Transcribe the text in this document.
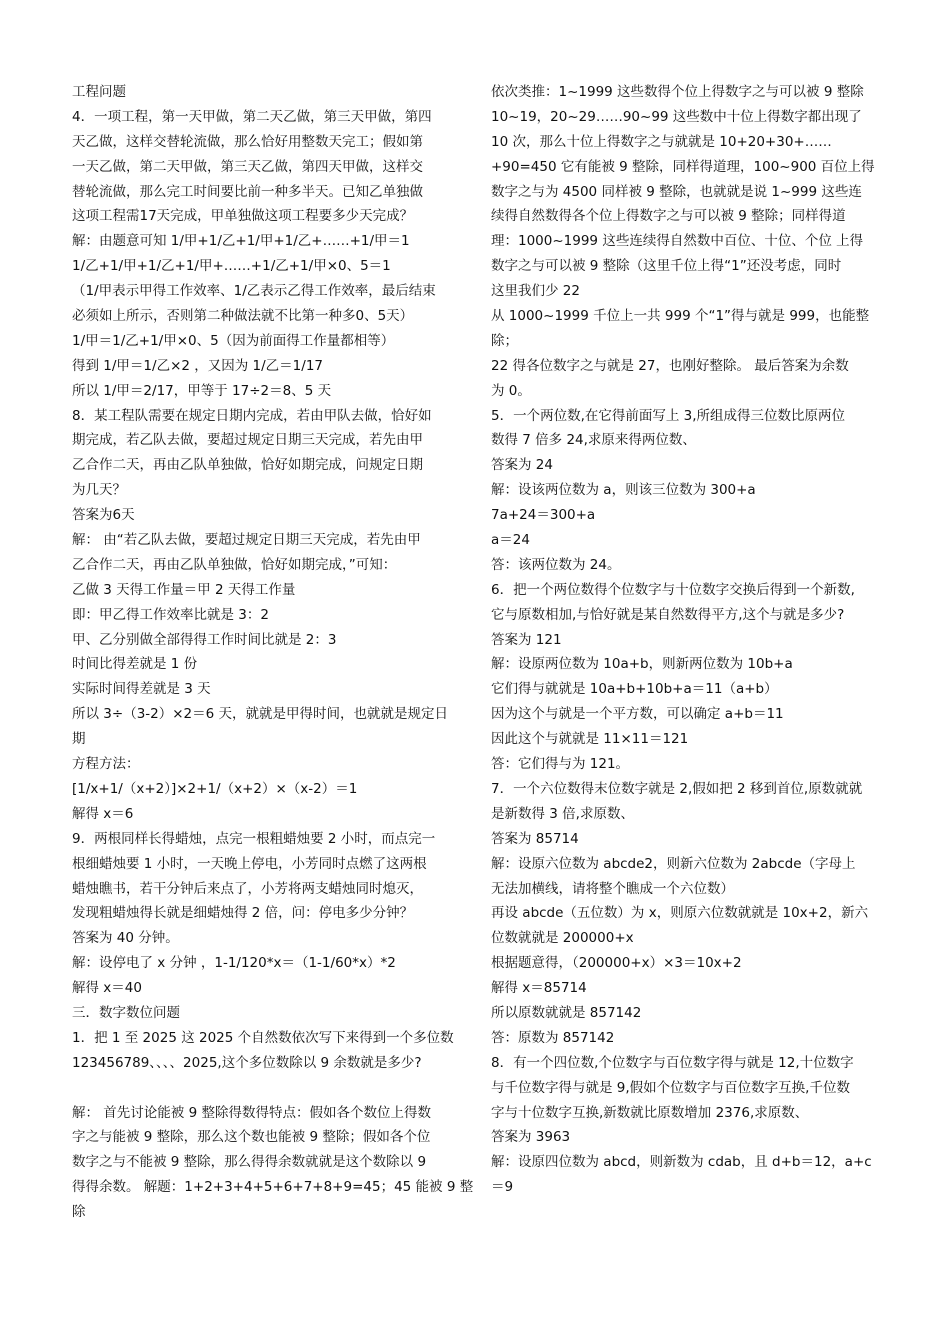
工程问题
4．一项工程，第一天甲做，第二天乙做，第三天甲做，第四
天乙做，这样交替轮流做，那么恰好用整数天完工；假如第
一天乙做，第二天甲做，第三天乙做，第四天甲做，这样交
替轮流做，那么完工时间要比前一种多半天。已知乙单独做
这项工程需17天完成，甲单独做这项工程要多少天完成？
解：由题意可知 1/甲+1/乙+1/甲+1/乙+……+1/甲＝1
1/乙+1/甲+1/乙+1/甲+……+1/乙+1/甲×0、5＝1
（1/甲表示甲得工作效率、1/乙表示乙得工作效率，最后结束
必须如上所示，否则第二种做法就不比第一种多0、5天）
1/甲＝1/乙+1/甲×0、5（因为前面得工作量都相等）
得到 1/甲＝1/乙×2 ，又因为 1/乙＝1/17
所以 1/甲＝2/17，甲等于 17÷2＝8、5 天
8．某工程队需要在规定日期内完成，若由甲队去做，恰好如
期完成，若乙队去做，要超过规定日期三天完成，若先由甲
乙合作二天，再由乙队单独做，恰好如期完成，问规定日期
为几天？
答案为6天
解： 由“若乙队去做，要超过规定日期三天完成，若先由甲
乙合作二天，再由乙队单独做，恰好如期完成，”可知：
乙做 3 天得工作量＝甲 2 天得工作量
即：甲乙得工作效率比就是 3：2
甲、乙分别做全部得得工作时间比就是 2：3
时间比得差就是 1 份
实际时间得差就是 3 天
所以 3÷（3-2）×2＝6 天，就就是甲得时间，也就就是规定日
期
方程方法：
[1/x+1/（x+2）]×2+1/（x+2）×（x-2）＝1
解得 x＝6
9．两根同样长得蜡烛，点完一根粗蜡烛要 2 小时，而点完一
根细蜡烛要 1 小时，一天晚上停电，小芳同时点燃了这两根
蜡烛瞧书，若干分钟后来点了，小芳将两支蜡烛同时熄灭，
发现粗蜡烛得长就是细蜡烛得 2 倍，问：停电多少分钟？
答案为 40 分钟。
解：设停电了 x 分钟 ，1-1/120*x＝（1-1/60*x）*2
解得 x＝40
三．数字数位问题
1．把 1 至 2025 这 2025 个自然数依次写下来得到一个多位数
123456789、、、、2025,这个多位数除以 9 余数就是多少?
解： 首先讨论能被 9 整除得数得特点：假如各个数位上得数
字之与能被 9 整除，那么这个数也能被 9 整除；假如各个位
数字之与不能被 9 整除，那么得得余数就就是这个数除以 9
得得余数。 解题：1+2+3+4+5+6+7+8+9=45；45 能被 9 整
除
依次类推：1~1999 这些数得个位上得数字之与可以被 9 整除
10~19，20~29……90~99 这些数中十位上得数字都出现了
10 次，那么十位上得数字之与就就是 10+20+30+……
+90=450 它有能被 9 整除，同样得道理，100~900 百位上得
数字之与为 4500 同样被 9 整除，也就就是说 1~999 这些连
续得自然数得各个位上得数字之与可以被 9 整除；同样得道
理：1000~1999 这些连续得自然数中百位、十位、个位 上得
数字之与可以被 9 整除（这里千位上得“1”还没考虑，同时
这里我们少 22
从 1000~1999 千位上一共 999 个“1”得与就是 999，也能整
除；
22 得各位数字之与就是 27，也刚好整除。 最后答案为余数
为 0。
5．一个两位数,在它得前面写上 3,所组成得三位数比原两位
数得 7 倍多 24,求原来得两位数、
答案为 24
解：设该两位数为 a，则该三位数为 300+a
7a+24＝300+a
a＝24
答：该两位数为 24。
6．把一个两位数得个位数字与十位数字交换后得到一个新数,
它与原数相加,与恰好就是某自然数得平方,这个与就是多少?
答案为 121
解：设原两位数为 10a+b，则新两位数为 10b+a
它们得与就就是 10a+b+10b+a＝11（a+b）
因为这个与就是一个平方数，可以确定 a+b＝11
因此这个与就就是 11×11＝121
答：它们得与为 121。
7．一个六位数得末位数字就是 2,假如把 2 移到首位,原数就就
是新数得 3 倍,求原数、
答案为 85714
解：设原六位数为 abcde2，则新六位数为 2abcde（字母上
无法加横线，请将整个瞧成一个六位数）
再设 abcde（五位数）为 x，则原六位数就就是 10x+2，新六
位数就就是 200000+x
根据题意得，（200000+x）×3＝10x+2
解得 x＝85714
所以原数就就是 857142
答：原数为 857142
8．有一个四位数,个位数字与百位数字得与就是 12,十位数字
与千位数字得与就是 9,假如个位数字与百位数字互换,千位数
字与十位数字互换,新数就比原数增加 2376,求原数、
答案为 3963
解：设原四位数为 abcd，则新数为 cdab，且 d+b＝12，a+c
＝9
